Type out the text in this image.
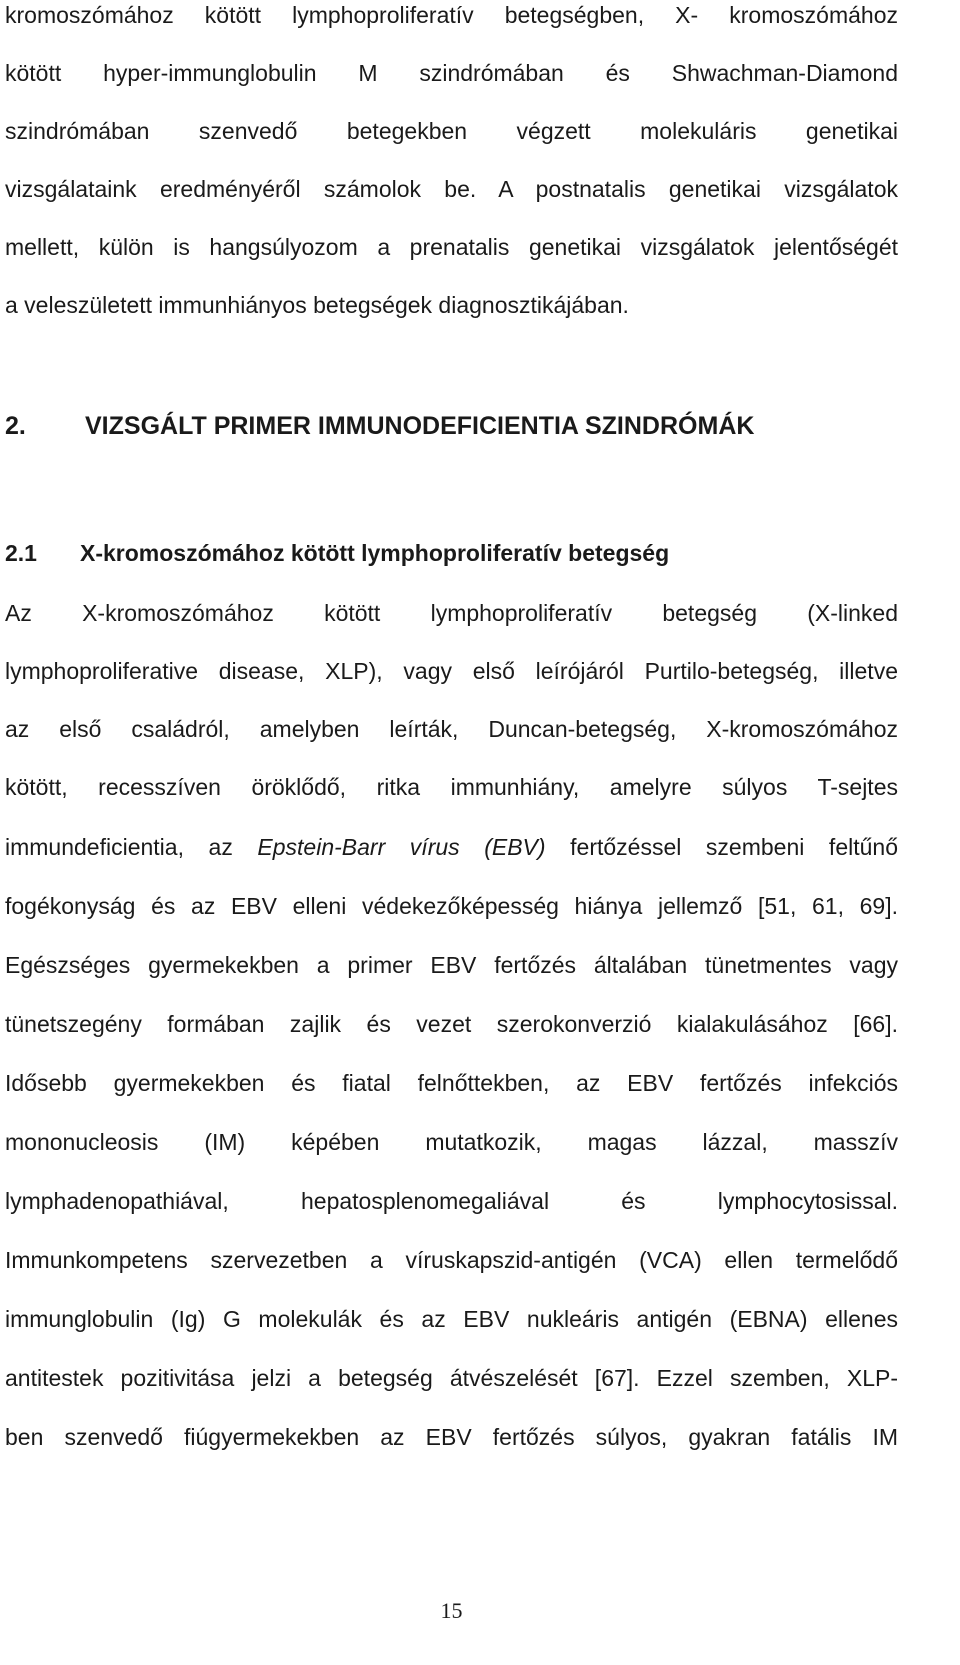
kromoszómához kötött lymphoproliferatív betegségben, X- kromoszómához
kötött hyper-immunglobulin M szindrómában és Shwachman-Diamond
szindrómában szenvedő betegekben végzett molekuláris genetikai
vizsgálataink eredményéről számolok be. A postnatalis genetikai vizsgálatok
mellett, külön is hangsúlyozom a prenatalis genetikai vizsgálatok jelentőségét
a veleszületett immunhiányos betegségek diagnosztikájában.
2. VIZSGÁLT PRIMER IMMUNODEFICIENTIA SZINDRÓMÁK
2.1 X-kromoszómához kötött lymphoproliferatív betegség
Az X-kromoszómához kötött lymphoproliferatív betegség (X-linked
lymphoproliferative disease, XLP), vagy első leírójáról Purtilo-betegség, illetve
az első családról, amelyben leírták, Duncan-betegség, X-kromoszómához
kötött, recesszíven öröklődő, ritka immunhiány, amelyre súlyos T-sejtes
immundeficientia, az Epstein-Barr vírus (EBV) fertőzéssel szembeni feltűnő
fogékonyság és az EBV elleni védekezőképesség hiánya jellemző [51, 61, 69].
Egészséges gyermekekben a primer EBV fertőzés általában tünetmentes vagy
tünetszegény formában zajlik és vezet szerokonverzió kialakulásához [66].
Idősebb gyermekekben és fiatal felnőttekben, az EBV fertőzés infekciós
mononucleosis (IM) képében mutatkozik, magas lázzal, masszív
lymphadenopathiával, hepatosplenomegaliával és lymphocytosissal.
Immunkompetens szervezetben a víruskapszid-antigén (VCA) ellen termelődő
immunglobulin (Ig) G molekulák és az EBV nukleáris antigén (EBNA) ellenes
antitestek pozitivitása jelzi a betegség átvészelését [67]. Ezzel szemben, XLP-
ben szenvedő fiúgyermekekben az EBV fertőzés súlyos, gyakran fatális IM
15
